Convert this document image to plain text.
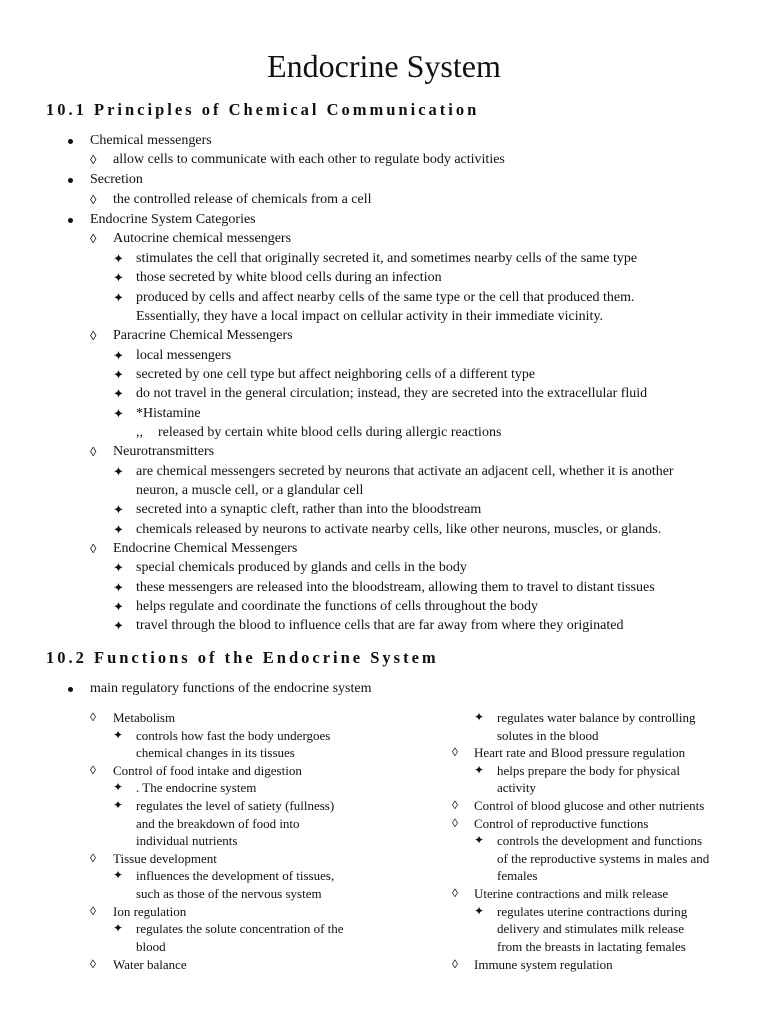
Endocrine System
10.1 Principles of Chemical Communication
Chemical messengers
◊ allow cells to communicate with each other to regulate body activities
Secretion
◊ the controlled release of chemicals from a cell
Endocrine System Categories
◊ Autocrine chemical messengers
✦ stimulates the cell that originally secreted it, and sometimes nearby cells of the same type
✦ those secreted by white blood cells during an infection
✦ produced by cells and affect nearby cells of the same type or the cell that produced them.
Essentially, they have a local impact on cellular activity in their immediate vicinity.
◊ Paracrine Chemical Messengers
✦ local messengers
✦ secreted by one cell type but affect neighboring cells of a different type
✦ do not travel in the general circulation; instead, they are secreted into the extracellular fluid
✦ *Histamine
,, released by certain white blood cells during allergic reactions
◊ Neurotransmitters
✦ are chemical messengers secreted by neurons that activate an adjacent cell, whether it is another
neuron, a muscle cell, or a glandular cell
✦ secreted into a synaptic cleft, rather than into the bloodstream
✦ chemicals released by neurons to activate nearby cells, like other neurons, muscles, or glands.
◊ Endocrine Chemical Messengers
✦ special chemicals produced by glands and cells in the body
✦ these messengers are released into the bloodstream, allowing them to travel to distant tissues
✦ helps regulate and coordinate the functions of cells throughout the body
✦ travel through the blood to influence cells that are far away from where they originated
10.2 Functions of the Endocrine System
main regulatory functions of the endocrine system
◊ Metabolism
✦ controls how fast the body undergoes
chemical changes in its tissues
◊ Control of food intake and digestion
✦ . The endocrine system
✦ regulates the level of satiety (fullness)
and the breakdown of food into
individual nutrients
◊ Tissue development
✦ influences the development of tissues,
such as those of the nervous system
◊ Ion regulation
✦ regulates the solute concentration of the
blood
◊ Water balance
✦ regulates water balance by controlling
solutes in the blood
◊ Heart rate and Blood pressure regulation
✦ helps prepare the body for physical
activity
◊ Control of blood glucose and other nutrients
◊ Control of reproductive functions
✦ controls the development and functions
of the reproductive systems in males and
females
◊ Uterine contractions and milk release
✦ regulates uterine contractions during
delivery and stimulates milk release
from the breasts in lactating females
◊ Immune system regulation
